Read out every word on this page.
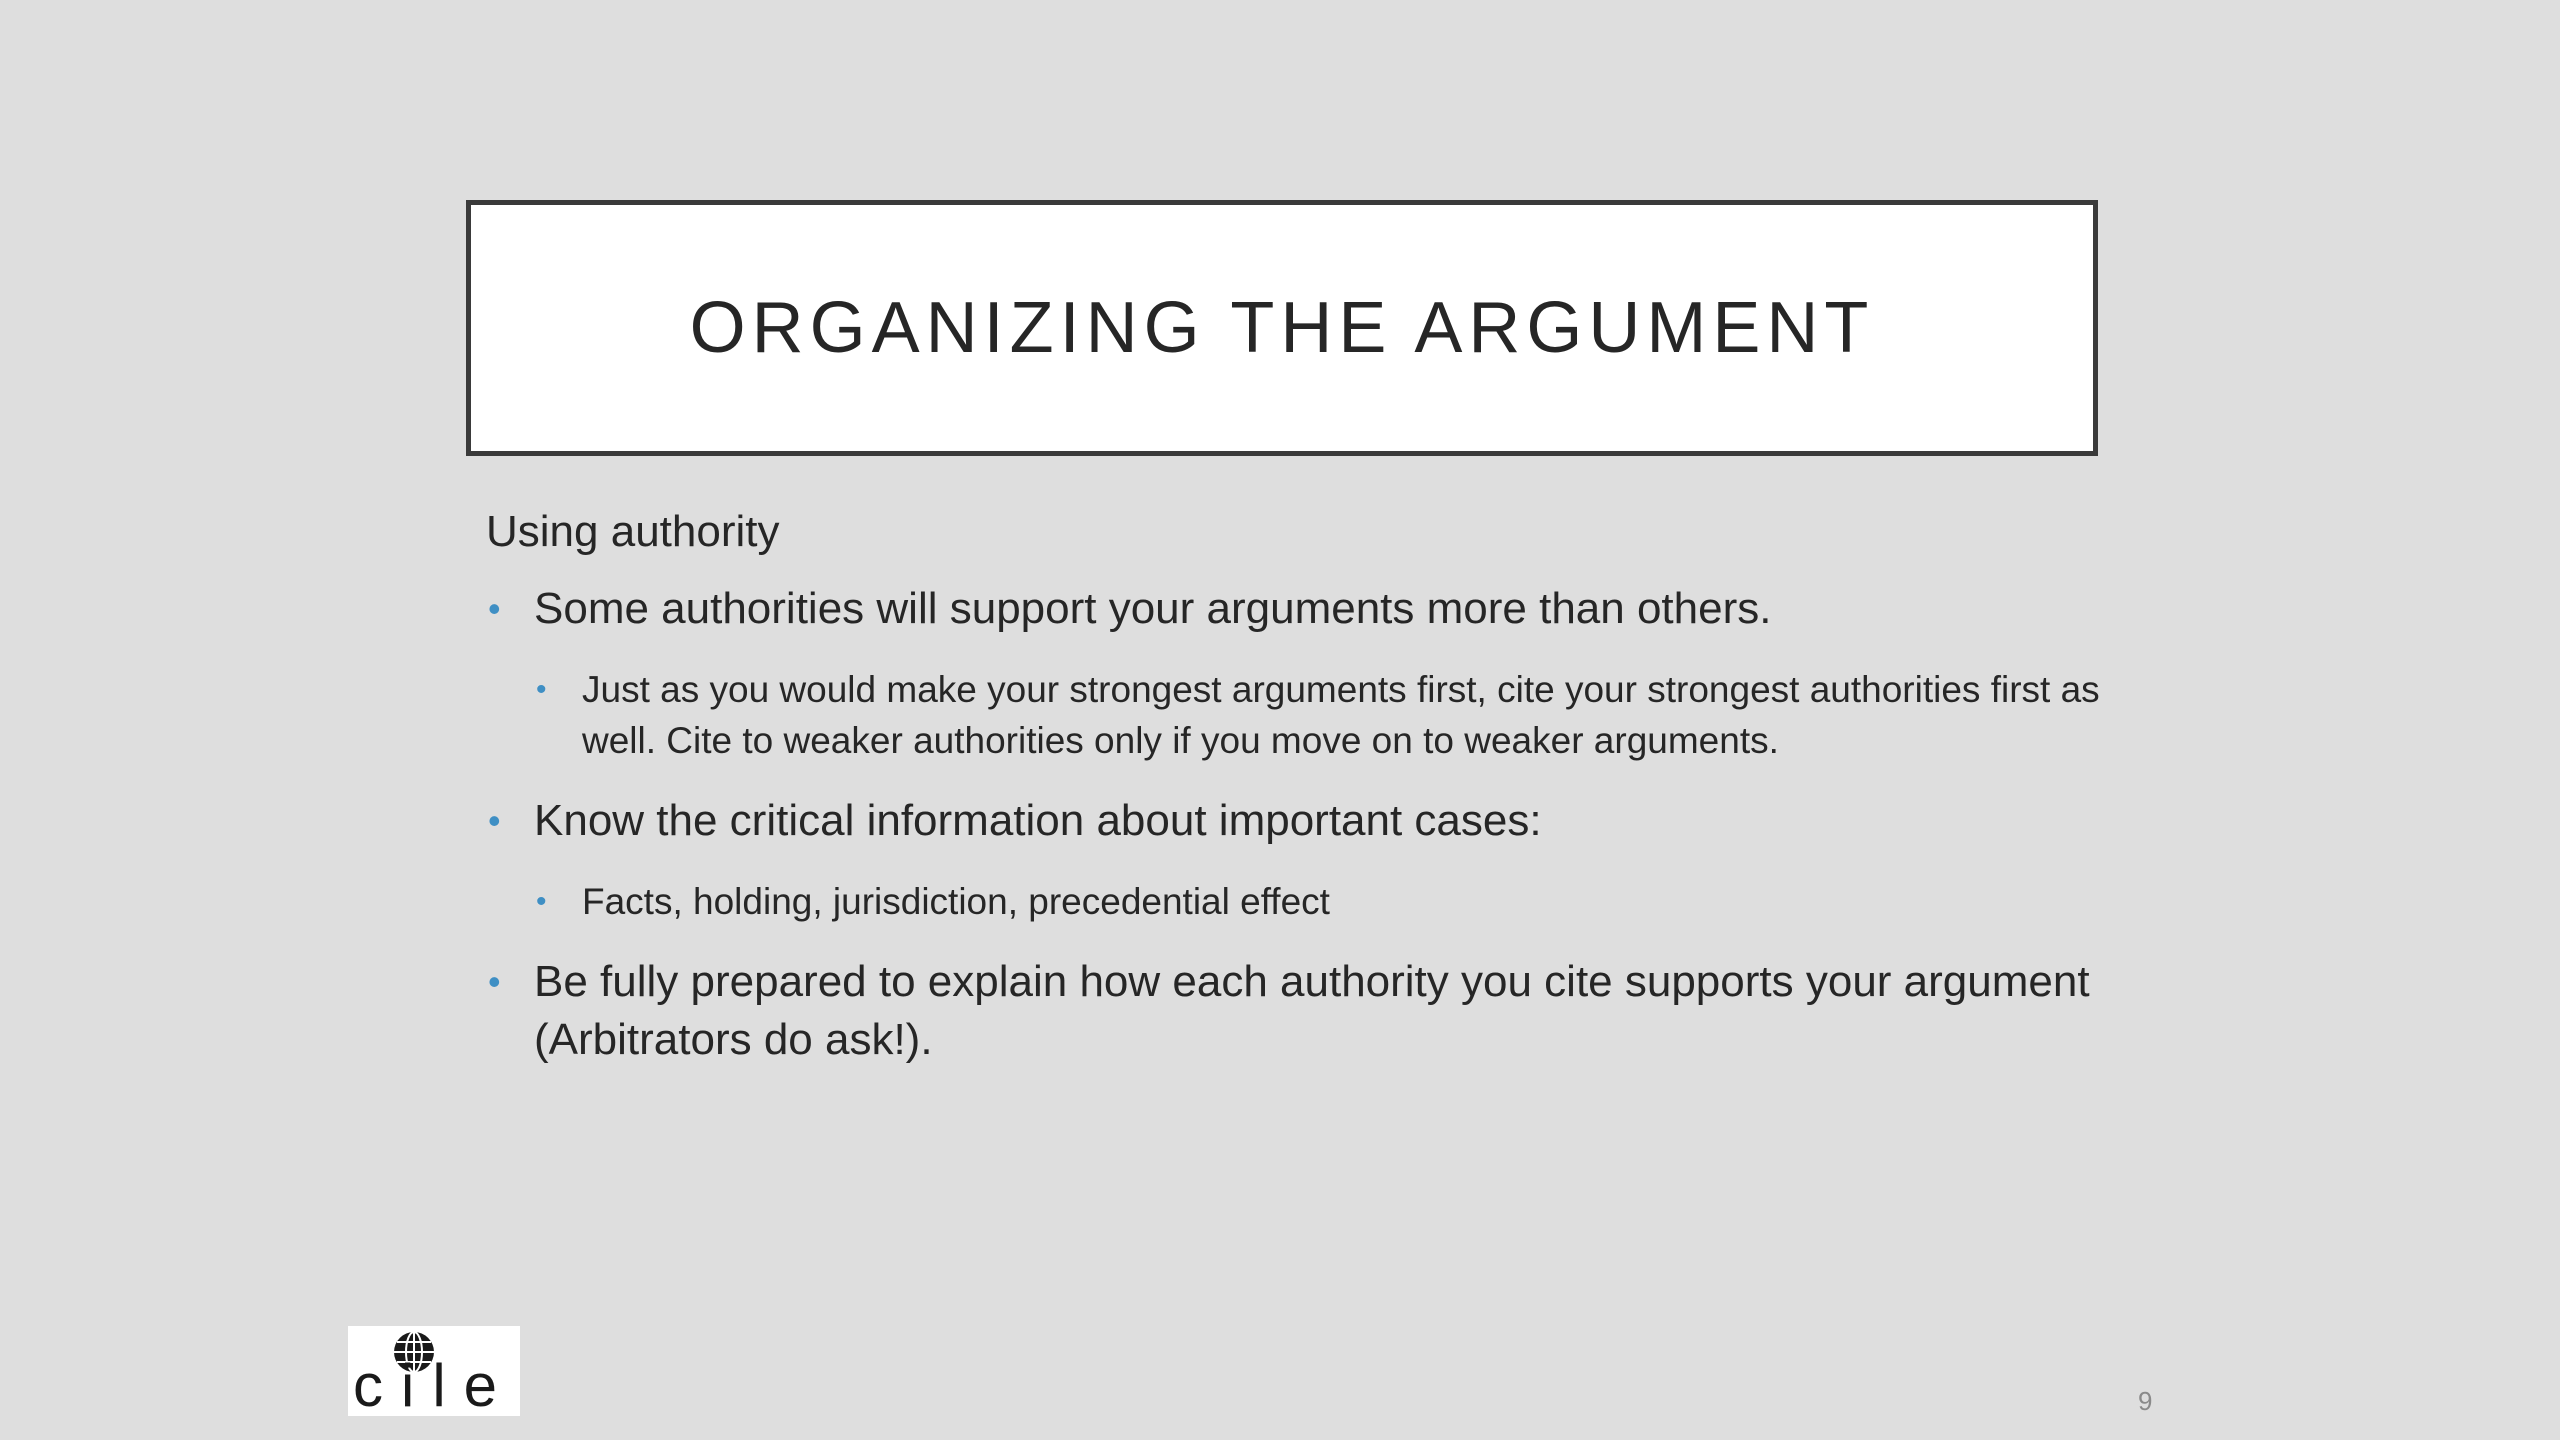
ORGANIZING THE ARGUMENT

Using authority

• Some authorities will support your arguments more than others.
• Just as you would make your strongest arguments first, cite your strongest authorities first as well. Cite to weaker authorities only if you move on to weaker arguments.
• Know the critical information about important cases:
• Facts, holding, jurisdiction, precedential effect
• Be fully prepared to explain how each authority you cite supports your argument (Arbitrators do ask!).
cile	9
